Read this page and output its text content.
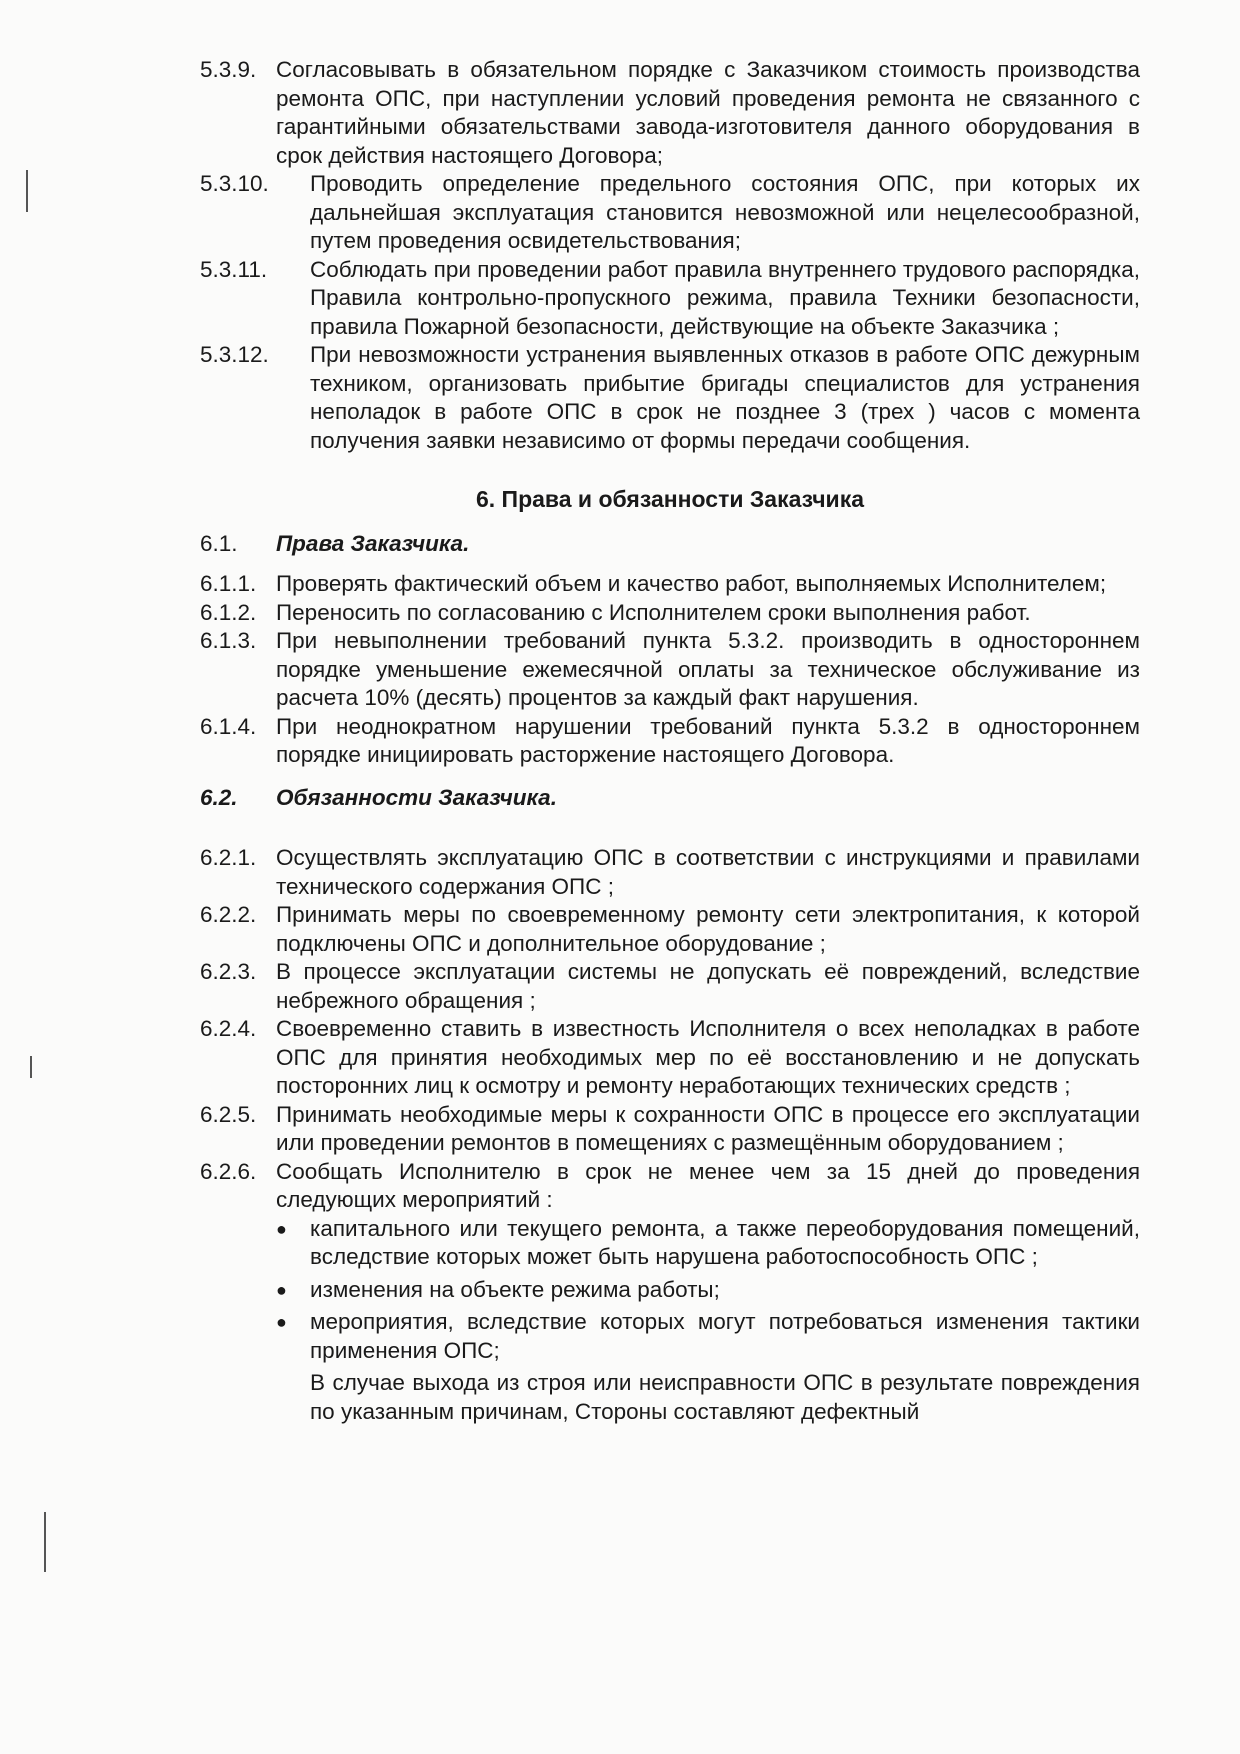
5.3.9. Согласовывать в обязательном порядке с Заказчиком стоимость производства ремонта ОПС, при наступлении условий проведения ремонта не связанного с гарантийными обязательствами завода-изготовителя данного оборудования в срок действия настоящего Договора;
5.3.10.	Проводить определение предельного состояния ОПС, при которых их дальнейшая эксплуатация становится невозможной или нецелесообразной, путем проведения освидетельствования;
5.3.11.	Соблюдать при проведении работ правила внутреннего трудового распорядка, Правила контрольно-пропускного режима, правила Техники безопасности, правила Пожарной безопасности, действующие на объекте Заказчика ;
5.3.12.	При невозможности устранения выявленных отказов в работе ОПС дежурным техником, организовать прибытие бригады специалистов для устранения неполадок в работе ОПС в срок не позднее 3 (трех ) часов с момента получения заявки независимо от формы передачи сообщения.
6. Права и обязанности Заказчика
6.1.	Права Заказчика.
6.1.1. Проверять фактический объем и качество работ, выполняемых Исполнителем;
6.1.2. Переносить по согласованию с Исполнителем сроки выполнения работ.
6.1.3. При невыполнении требований пункта 5.3.2. производить в одностороннем порядке уменьшение ежемесячной оплаты за техническое обслуживание из расчета 10% (десять) процентов за каждый факт нарушения.
6.1.4. При неоднократном нарушении требований пункта 5.3.2 в одностороннем порядке инициировать расторжение настоящего Договора.
6.2.	Обязанности Заказчика.
6.2.1. Осуществлять эксплуатацию ОПС в соответствии с инструкциями и правилами технического содержания ОПС ;
6.2.2. Принимать меры по своевременному ремонту сети электропитания, к которой подключены ОПС и дополнительное оборудование ;
6.2.3. В процессе эксплуатации системы не допускать её повреждений, вследствие небрежного обращения ;
6.2.4. Своевременно ставить в известность Исполнителя о всех неполадках в работе ОПС для принятия необходимых мер по её восстановлению и не допускать посторонних лиц к осмотру и ремонту неработающих технических средств ;
6.2.5. Принимать необходимые меры к сохранности ОПС в процессе его эксплуатации или проведении ремонтов в помещениях с размещённым оборудованием ;
6.2.6. Сообщать Исполнителю в срок не менее чем за 15 дней до проведения следующих мероприятий :
●	капитального или текущего ремонта, а также переоборудования помещений, вследствие которых может быть нарушена работоспособность ОПС ;
●	изменения на объекте режима работы;
●	мероприятия, вследствие которых могут потребоваться изменения тактики применения ОПС;
В случае выхода из строя или неисправности ОПС в результате повреждения по указанным причинам, Стороны составляют дефектный
